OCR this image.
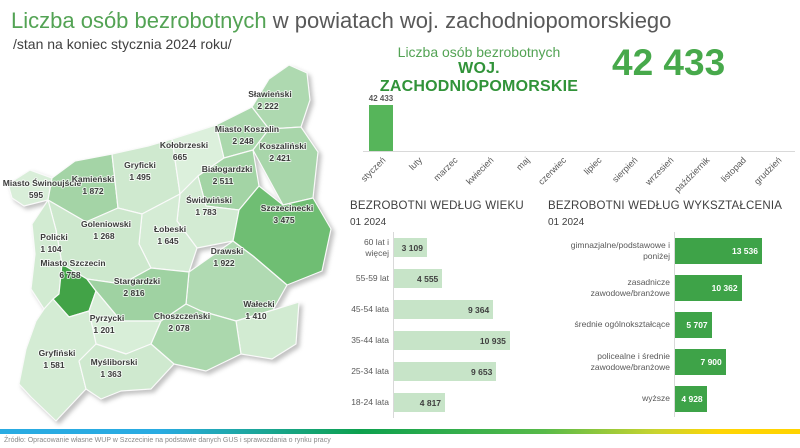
Liczba osób bezrobotnych w powiatach woj. zachodniopomorskiego
/stan na koniec stycznia 2024 roku/	Liczba osób bezrobotnych
WOJ. ZACHODNIOPOMORSKIE
42 433
42 433
styczeń luty marzec kwiecień maj czerwiec lipiec sierpień wrzesień
październik listopad grudzień
BEZROBOTNI WEDŁUG WIEKU
01 2024
60 lat i więcej	3 109
55-59 lat	4 555
45-54 lata	9 364
35-44 lata	10 935
25-34 lata	9 653
18-24 lata	4 817
BEZROBOTNI WEDŁUG WYKSZTAŁCENIA
01 2024
gimnazjalne/podstawowe i poniżej	13 536
zasadnicze zawodowe/branżowe	10 362
średnie ogólnokształcące	5 707
policealne i średnie zawodowe/branżowe	7 900
wyższe	4 928
Miasto Świnoujście
595
Kamieński
1 872
Gryficki
1 495
Kołobrzeski
665
Miasto Koszalin
2 248
Sławieński
2 222
Koszaliński
2 421
Białogardzki
2 511
Świdwiński
1 783	Szczecinecki
3 475
Łobeski
1 645
Goleniowski
1 268
Policki
1 104
Miasto Szczecin
6 758
Drawski
1 922
Stargardzki
2 816
Wałecki
1 410
Pyrzycki
1 201
Choszczeński
2 078
Gryfiński
1 581	Myśliborski
1 363
Źródło: Opracowanie własne WUP w Szczecinie na podstawie danych GUS i sprawozdania o rynku pracy
